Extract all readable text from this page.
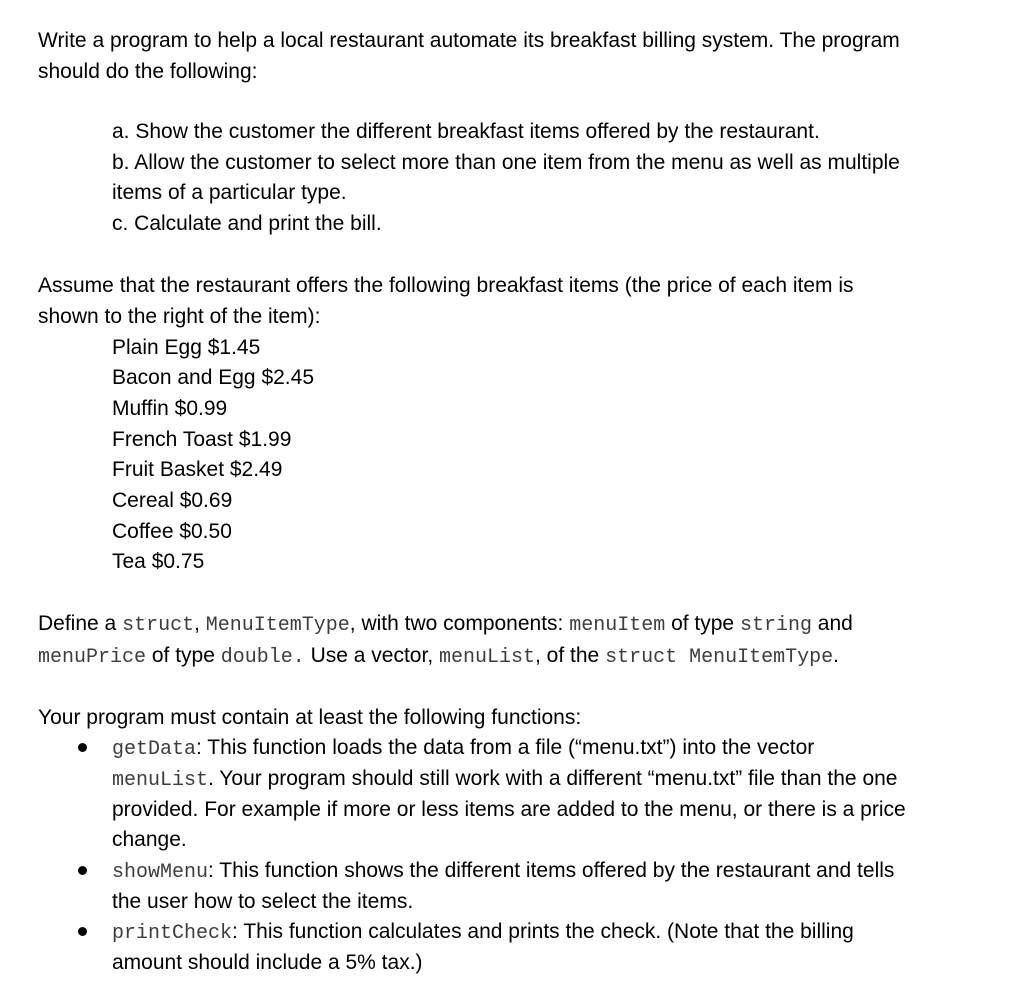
Write a program to help a local restaurant automate its breakfast billing system. The program
should do the following:
a. Show the customer the different breakfast items offered by the restaurant.
b. Allow the customer to select more than one item from the menu as well as multiple
items of a particular type.
c. Calculate and print the bill.
Assume that the restaurant offers the following breakfast items (the price of each item is
shown to the right of the item):
Plain Egg $1.45
Bacon and Egg $2.45
Muffin $0.99
French Toast $1.99
Fruit Basket $2.49
Cereal $0.69
Coffee $0.50
Tea $0.75
Define a struct, MenuItemType, with two components: menuItem of type string and
menuPrice of type double. Use a vector, menuList, of the struct MenuItemType.
Your program must contain at least the following functions:
getData: This function loads the data from a file (“menu.txt”) into the vector
menuList. Your program should still work with a different “menu.txt” file than the one
provided. For example if more or less items are added to the menu, or there is a price
change.
showMenu: This function shows the different items offered by the restaurant and tells
the user how to select the items.
printCheck: This function calculates and prints the check. (Note that the billing
amount should include a 5% tax.)
